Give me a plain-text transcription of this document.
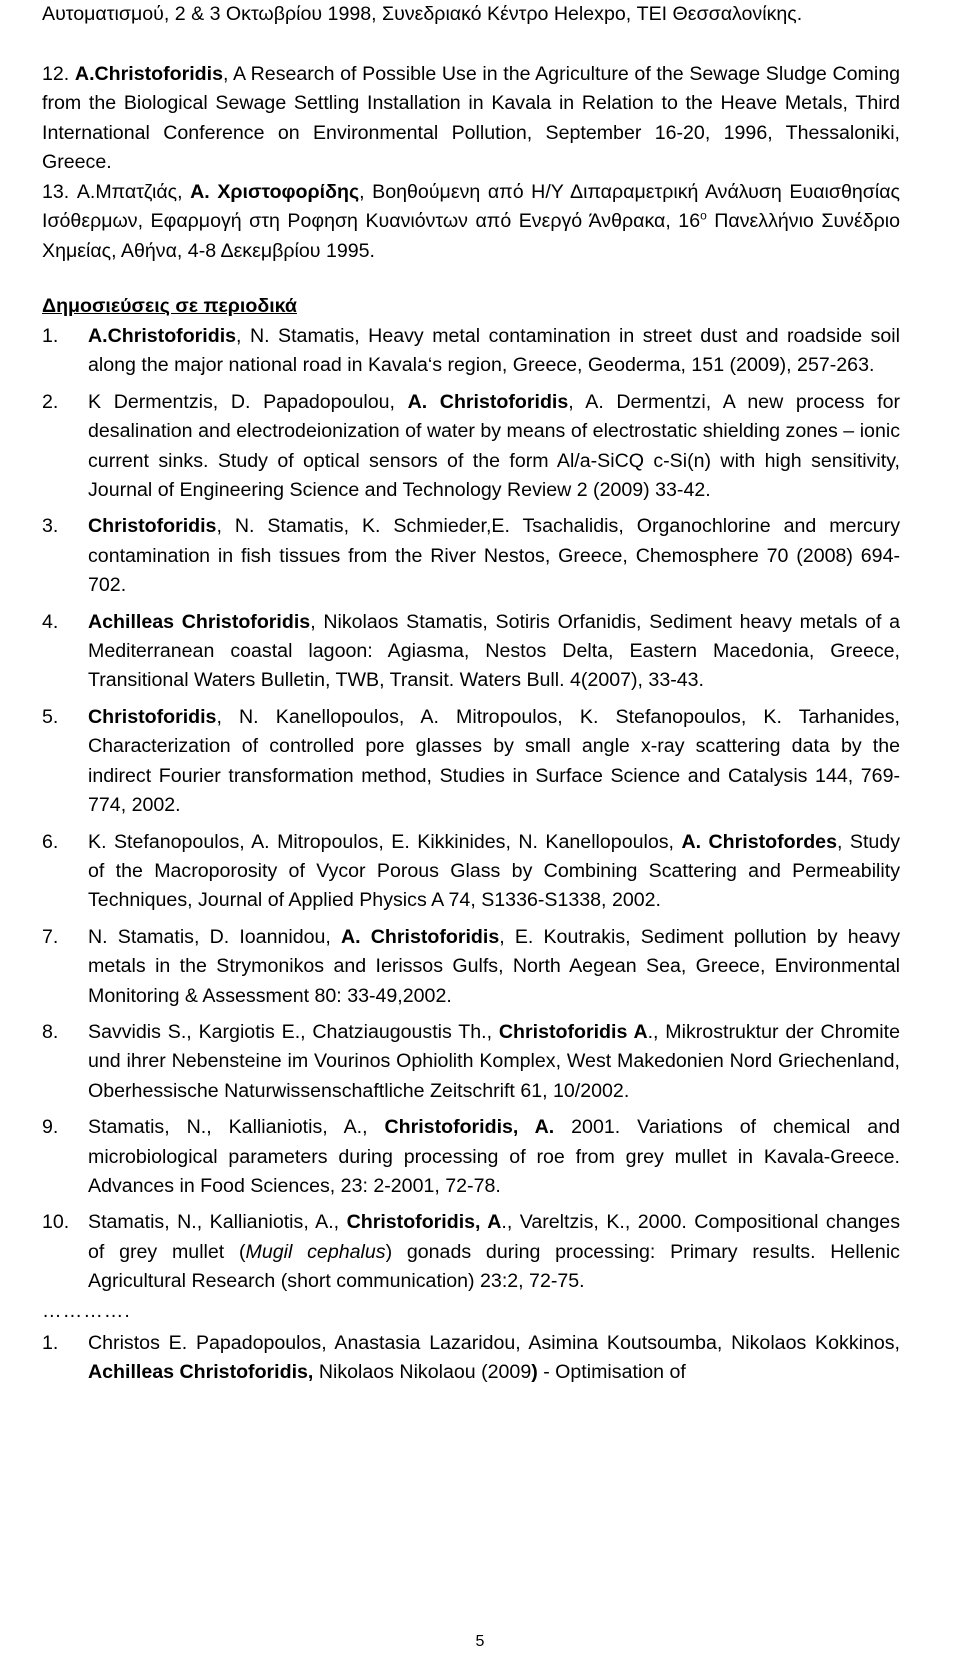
Αυτοματισμού, 2 & 3 Οκτωβρίου 1998, Συνεδριακό Κέντρο Helexpo, ΤΕΙ Θεσσαλονίκης.

12. A.Christoforidis, A Research of Possible Use in the Agriculture of the Sewage Sludge Coming from the Biological Sewage Settling Installation in Kavala in Relation to the Heave Metals, Third International Conference on Environmental Pollution, September 16-20, 1996, Thessaloniki, Greece.

13. Α.Μπατζιάς, Α. Χριστοφορίδης, Βοηθούμενη από Η/Υ Διπαραμετρική Ανάλυση Ευαισθησίας Ισόθερμων, Εφαρμογή στη Ροφηση Κυανιόντων από Ενεργό Άνθρακα, $16^o$ Πανελλήνιο Συνέδριο Χημείας, Αθήνα, 4-8 Δεκεμβρίου 1995.

Δημοσιεύσεις σε περιοδικά

1. A.Christoforidis, N. Stamatis, Heavy metal contamination in street dust and roadside soil along the major national road in Kavala‘s region, Greece, Geoderma, 151 (2009), 257-263.

2. K Dermentzis, D. Papadopoulou, A. Christoforidis, A. Dermentzi, A new process for desalination and electrodeionization of water by means of electrostatic shielding zones – ionic current sinks. Study of optical sensors of the form Al/a-SiCQ c-Si(n) with high sensitivity, Journal of Engineering Science and Technology Review 2 (2009) 33-42.

3. Christoforidis, N. Stamatis, K. Schmieder,E. Tsachalidis, Organochlorine and mercury contamination in fish tissues from the River Nestos, Greece, Chemosphere 70 (2008) 694-702.

4. Achilleas Christoforidis, Nikolaos Stamatis, Sotiris Orfanidis, Sediment heavy metals of a Mediterranean coastal lagoon: Agiasma, Nestos Delta, Eastern Macedonia, Greece, Transitional Waters Bulletin, TWB, Transit. Waters Bull. 4(2007), 33-43.

5. Christoforidis, N. Kanellopoulos, A. Mitropoulos, K. Stefanopoulos, K. Tarhanides, Characterization of controlled pore glasses by small angle x-ray scattering data by the indirect Fourier transformation method, Studies in Surface Science and Catalysis 144, 769-774, 2002.

6. K. Stefanopoulos, A. Mitropoulos, E. Kikkinides, N. Kanellopoulos, A. Christofordes, Study of the Macroporosity of Vycor Porous Glass by Combining Scattering and Permeability Techniques, Journal of Applied Physics A 74, S1336-S1338, 2002.

7. N. Stamatis, D. Ioannidou, A. Christoforidis, E. Koutrakis, Sediment pollution by heavy metals in the Strymonikos and Ierissos Gulfs, North Aegean Sea, Greece, Environmental Monitoring & Assessment 80: 33-49,2002.

8. Savvidis S., Kargiotis E., Chatziaugoustis Th., Christoforidis A., Mikrostruktur der Chromite und ihrer Nebensteine im Vourinos Ophiolith Komplex, West Makedonien Nord Griechenland, Oberhessische Naturwissenschaftliche Zeitschrift 61, 10/2002.

9. Stamatis, N., Kallianiotis, A., Christoforidis, A. 2001. Variations of chemical and microbiological parameters during processing of roe from grey mullet in Kavala-Greece. Advances in Food Sciences, 23: 2-2001, 72-78.

10. Stamatis, N., Kallianiotis, A., Christoforidis, A., Vareltzis, K., 2000. Compositional changes of grey mullet (Mugil cephalus) gonads during processing: Primary results. Hellenic Agricultural Research (short communication) 23:2, 72-75.

………….

1. Christos E. Papadopoulos, Anastasia Lazaridou, Asimina Koutsoumba, Nikolaos Kokkinos, Achilleas Christoforidis, Nikolaos Nikolaou (2009) - Optimisation of

5
